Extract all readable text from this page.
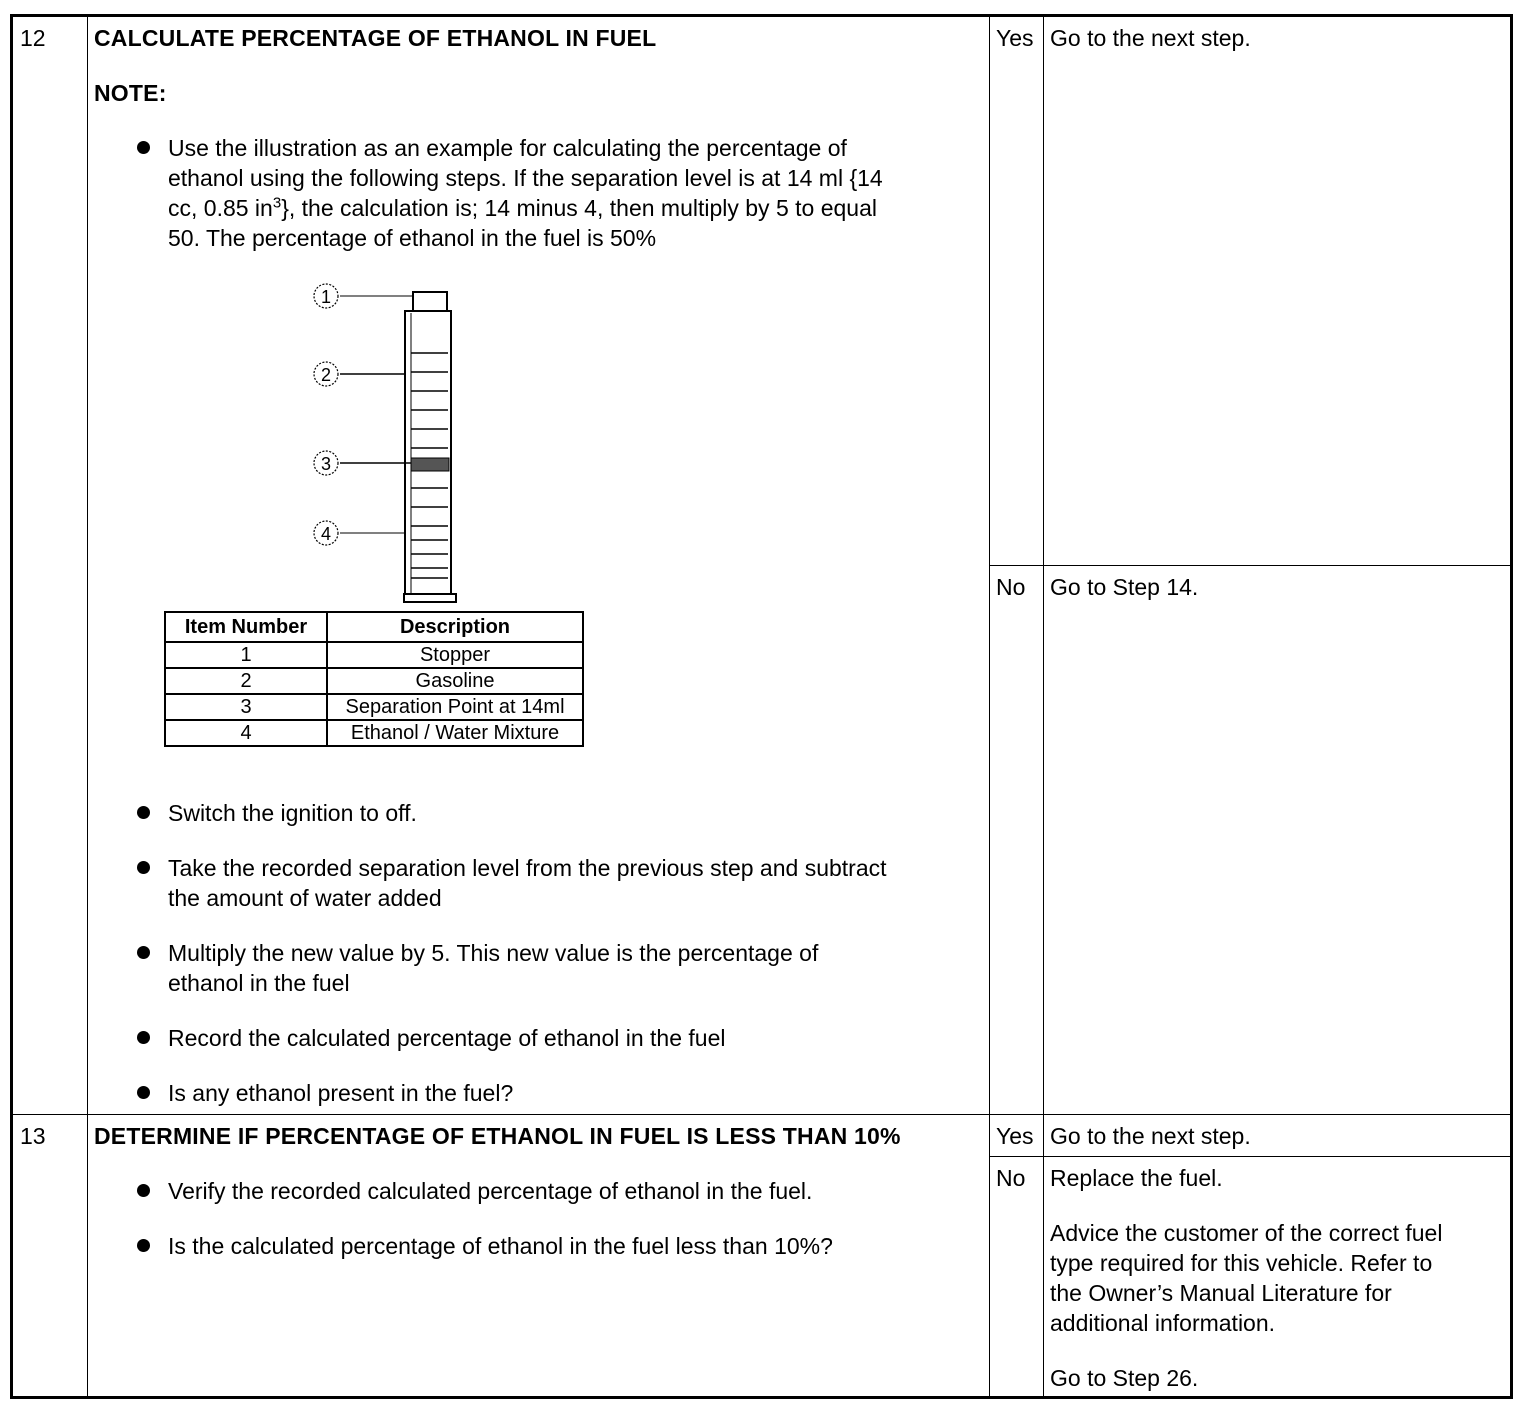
12 CALCULATE PERCENTAGE OF ETHANOL IN FUEL
NOTE:
Use the illustration as an example for calculating the percentage of
ethanol using the following steps. If the separation level is at 14 ml {14
cc, 0.85 $in^3$}, the calculation is; 14 minus 4, then multiply by 5 to equal
50. The percentage of ethanol in the fuel is 50%
1
2
3
4
Item Number	Description
1	Stopper
2	Gasoline
3	Separation Point at 14ml
4	Ethanol / Water Mixture
Switch the ignition to off.
Take the recorded separation level from the previous step and subtract
the amount of water added
Multiply the new value by 5. This new value is the percentage of
ethanol in the fuel
Record the calculated percentage of ethanol in the fuel
Is any ethanol present in the fuel?
Yes Go to the next step.
No Go to Step 14.
13 DETERMINE IF PERCENTAGE OF ETHANOL IN FUEL IS LESS THAN 10%
Verify the recorded calculated percentage of ethanol in the fuel.
Is the calculated percentage of ethanol in the fuel less than 10%?
Yes Go to the next step.
No Replace the fuel.
Advice the customer of the correct fuel
type required for this vehicle. Refer to
the Owner’s Manual Literature for
additional information.
Go to Step 26.
